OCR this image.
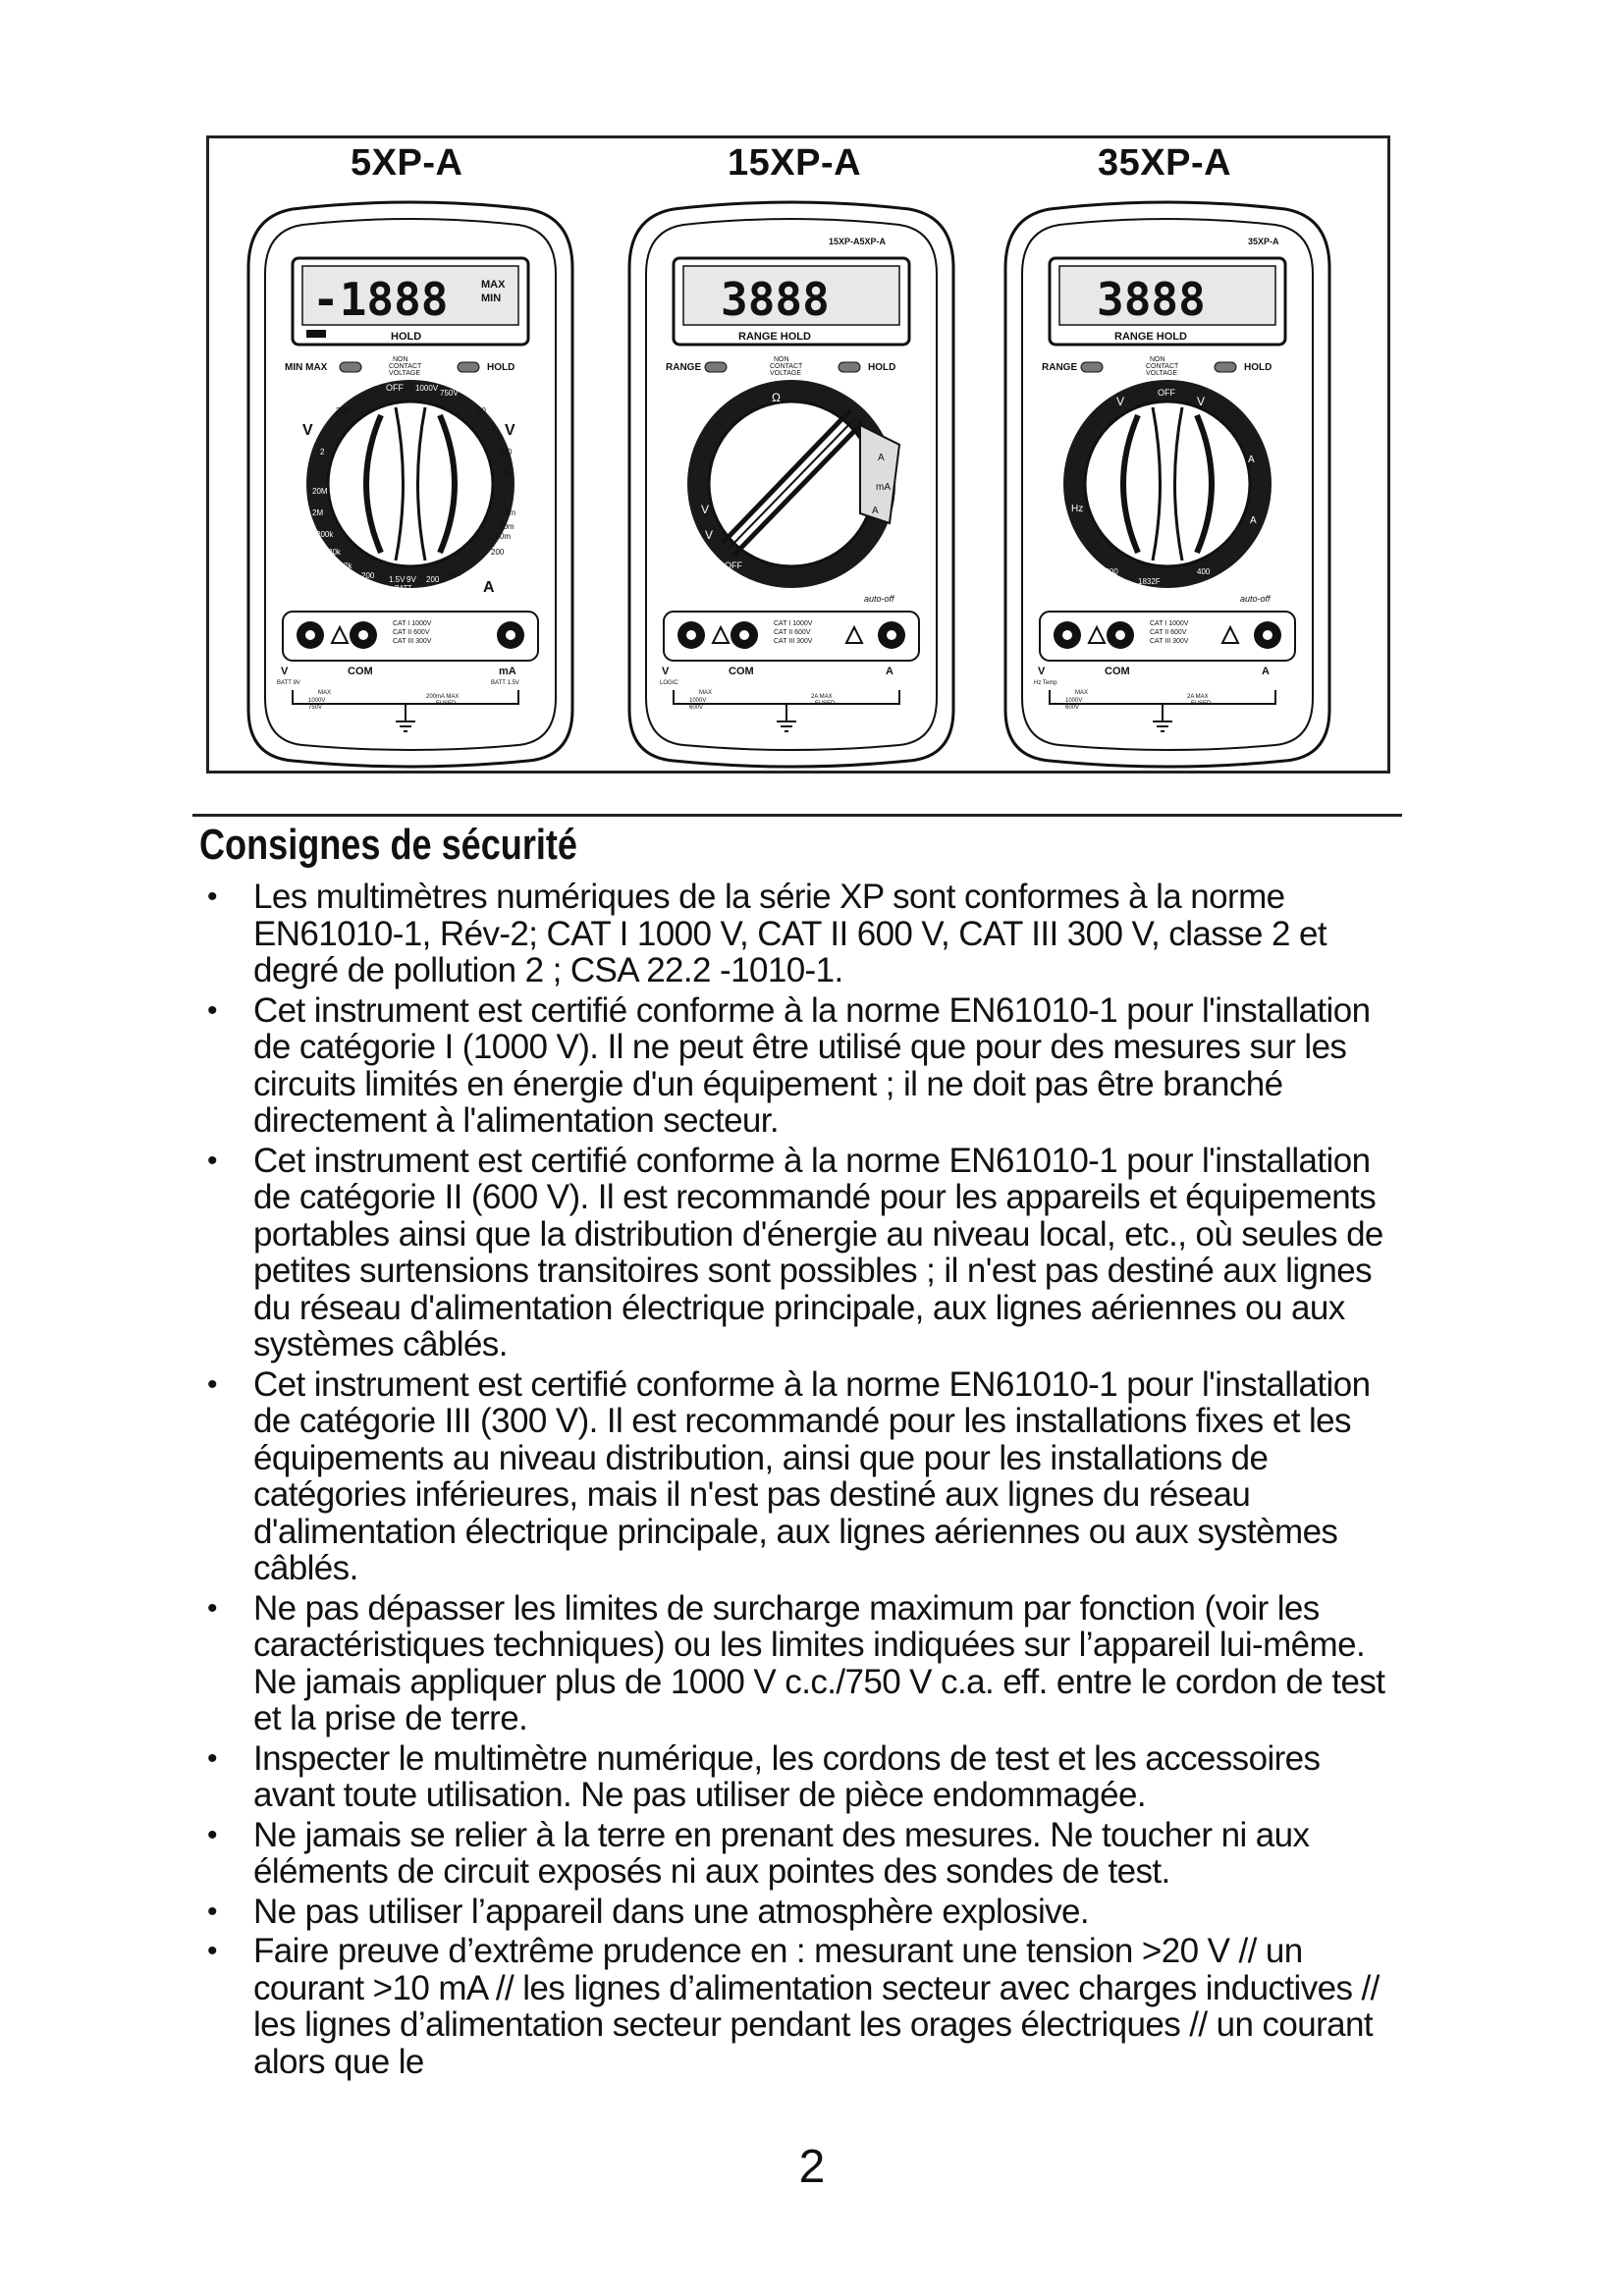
5XP-A	15XP-A	35XP-A
-1888	MAX
MIN
HOLD
MIN MAX
NON
CONTACT
VOLTAGE
HOLD
OFF 1000V
750V
200	20
2
200
20
2
200m
2m
20m
200
2
20M
2M
200k
20k
2k
200 1.5V 9V 200
2m
BATT
V	V
A
CAT I 1000V
CAT II 600V
CAT III 300V
V	COM	mA
BATT 9V	BATT 1.5V
MAX
1000V
750V
200mA MAX
FUSED
15XP-A5XP-A
3888
RANGE HOLD
RANGE
NON
CONTACT
VOLTAGE
HOLD
OFF
Ω
A
mA
V
V
A
auto-off
CAT I 1000V
CAT II 600V
CAT III 300V
V	COM	A
LOGIC
MAX
1000V
600V
2A MAX
FUSED
35XP-A
3888
RANGE HOLD
RANGE
NON
CONTACT
VOLTAGE
HOLD
OFF
V	V
A
A
Hz
400
1000
1832F
auto-off
CAT I 1000V
CAT II 600V
CAT III 300V
V	COM	A
Hz Temp
MAX
1000V
600V
2A MAX
FUSED
Consignes de sécurité
• Les multimètres numériques de la série XP sont conformes à la norme EN61010-1, Rév-2; CAT I 1000 V, CAT II 600 V, CAT III 300 V, classe 2 et degré de pollution 2 ; CSA 22.2 -1010-1.
• Cet instrument est certifié conforme à la norme EN61010-1 pour l'installation de catégorie I (1000 V). Il ne peut être utilisé que pour des mesures sur les circuits limités en énergie d'un équipement ; il ne doit pas être branché directement à l'alimentation secteur.
• Cet instrument est certifié conforme à la norme EN61010-1 pour l'installation de catégorie II (600 V). Il est recommandé pour les appareils et équipements portables ainsi que la distribution d'énergie au niveau local, etc., où seules de petites surtensions transitoires sont possibles ; il n'est pas destiné aux lignes du réseau d'alimentation électrique principale, aux lignes aériennes ou aux systèmes câblés.
• Cet instrument est certifié conforme à la norme EN61010-1 pour l'installation de catégorie III (300 V). Il est recommandé pour les installations fixes et les équipements au niveau distribution, ainsi que pour les installations de catégories inférieures, mais il n'est pas destiné aux lignes du réseau d'alimentation électrique principale, aux lignes aériennes ou aux systèmes câblés.
• Ne pas dépasser les limites de surcharge maximum par fonction (voir les caractéristiques techniques) ou les limites indiquées sur l’appareil lui-même. Ne jamais appliquer plus de 1000 V c.c./750 V c.a. eff. entre le cordon de test et la prise de terre.
• Inspecter le multimètre numérique, les cordons de test et les accessoires avant toute utilisation. Ne pas utiliser de pièce endommagée.
• Ne jamais se relier à la terre en prenant des mesures. Ne toucher ni aux éléments de circuit exposés ni aux pointes des sondes de test.
• Ne pas utiliser l’appareil dans une atmosphère explosive.
• Faire preuve d’extrême prudence en : mesurant une tension >20 V // un courant >10 mA // les lignes d’alimentation secteur avec charges inductives // les lignes d’alimentation secteur pendant les orages électriques // un courant alors que le
2
